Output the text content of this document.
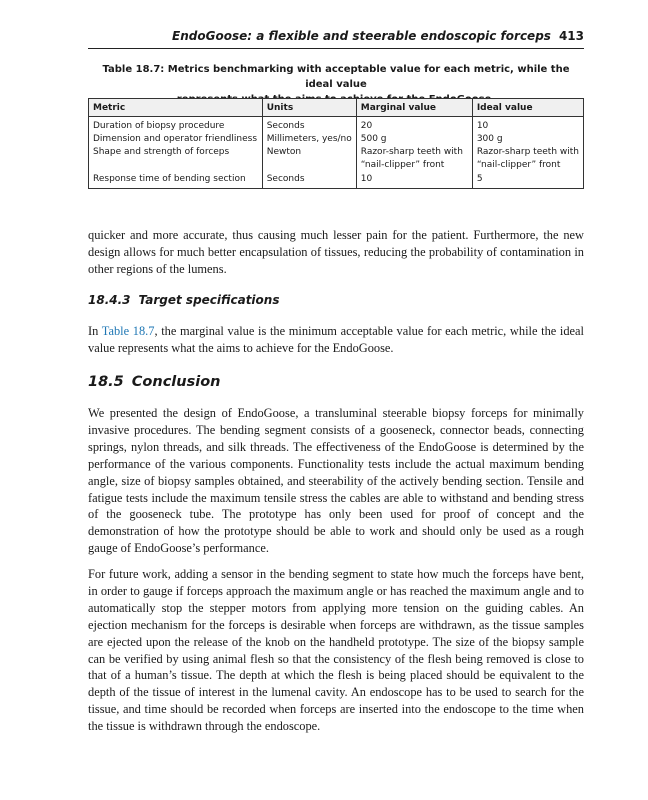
EndoGoose: a flexible and steerable endoscopic forceps 413
Table 18.7: Metrics benchmarking with acceptable value for each metric, while the ideal value
Metric	Units	Marginal value	Ideal value
Duration of biopsy procedure	Seconds	20	10
Dimension and operator friendliness	Millimeters, yes/no	500 g	300 g
Shape and strength of forceps	Newton	Razor-sharp teeth with	Razor-sharp teeth with
		“nail-clipper” front	“nail-clipper” front
Response time of bending section	Seconds	10	5

quicker and more accurate, thus causing much lesser pain for the patient. Furthermore, the new design allows for much better encapsulation of tissues, reducing the probability of contamination in other regions of the lumens.

18.4.3 Target specifications

In Table 18.7, the marginal value is the minimum acceptable value for each metric, while the ideal value represents what the aims to achieve for the EndoGoose.

18.5 Conclusion

We presented the design of EndoGoose, a transluminal steerable biopsy forceps for minimally invasive procedures. The bending segment consists of a gooseneck, connector beads, connecting springs, nylon threads, and silk threads. The effectiveness of the EndoGoose is determined by the performance of the various components. Functionality tests include the actual maximum bending angle, size of biopsy samples obtained, and steerability of the actively bending section. Tensile and fatigue tests include the maximum tensile stress the cables are able to withstand and bending stress of the gooseneck tube. The prototype has only been used for proof of concept and the demonstration of how the prototype should be able to work and should only be used as a rough gauge of EndoGoose’s performance.

For future work, adding a sensor in the bending segment to state how much the forceps have bent, in order to gauge if forceps approach the maximum angle or has reached the maximum angle and to automatically stop the stepper motors from applying more tension on the guiding cables. An ejection mechanism for the forceps is desirable when forceps are withdrawn, as the tissue samples are ejected upon the release of the knob on the handheld prototype. The size of the biopsy sample can be verified by using animal flesh so that the consistency of the flesh being removed is close to that of a human’s tissue. The depth at which the flesh is being placed should be equivalent to the depth of the tissue of interest in the lumenal cavity. An endoscope has to be used to search for the tissue, and time should be recorded when forceps are inserted into the endoscope to the time when the tissue is withdrawn through the endoscope.
